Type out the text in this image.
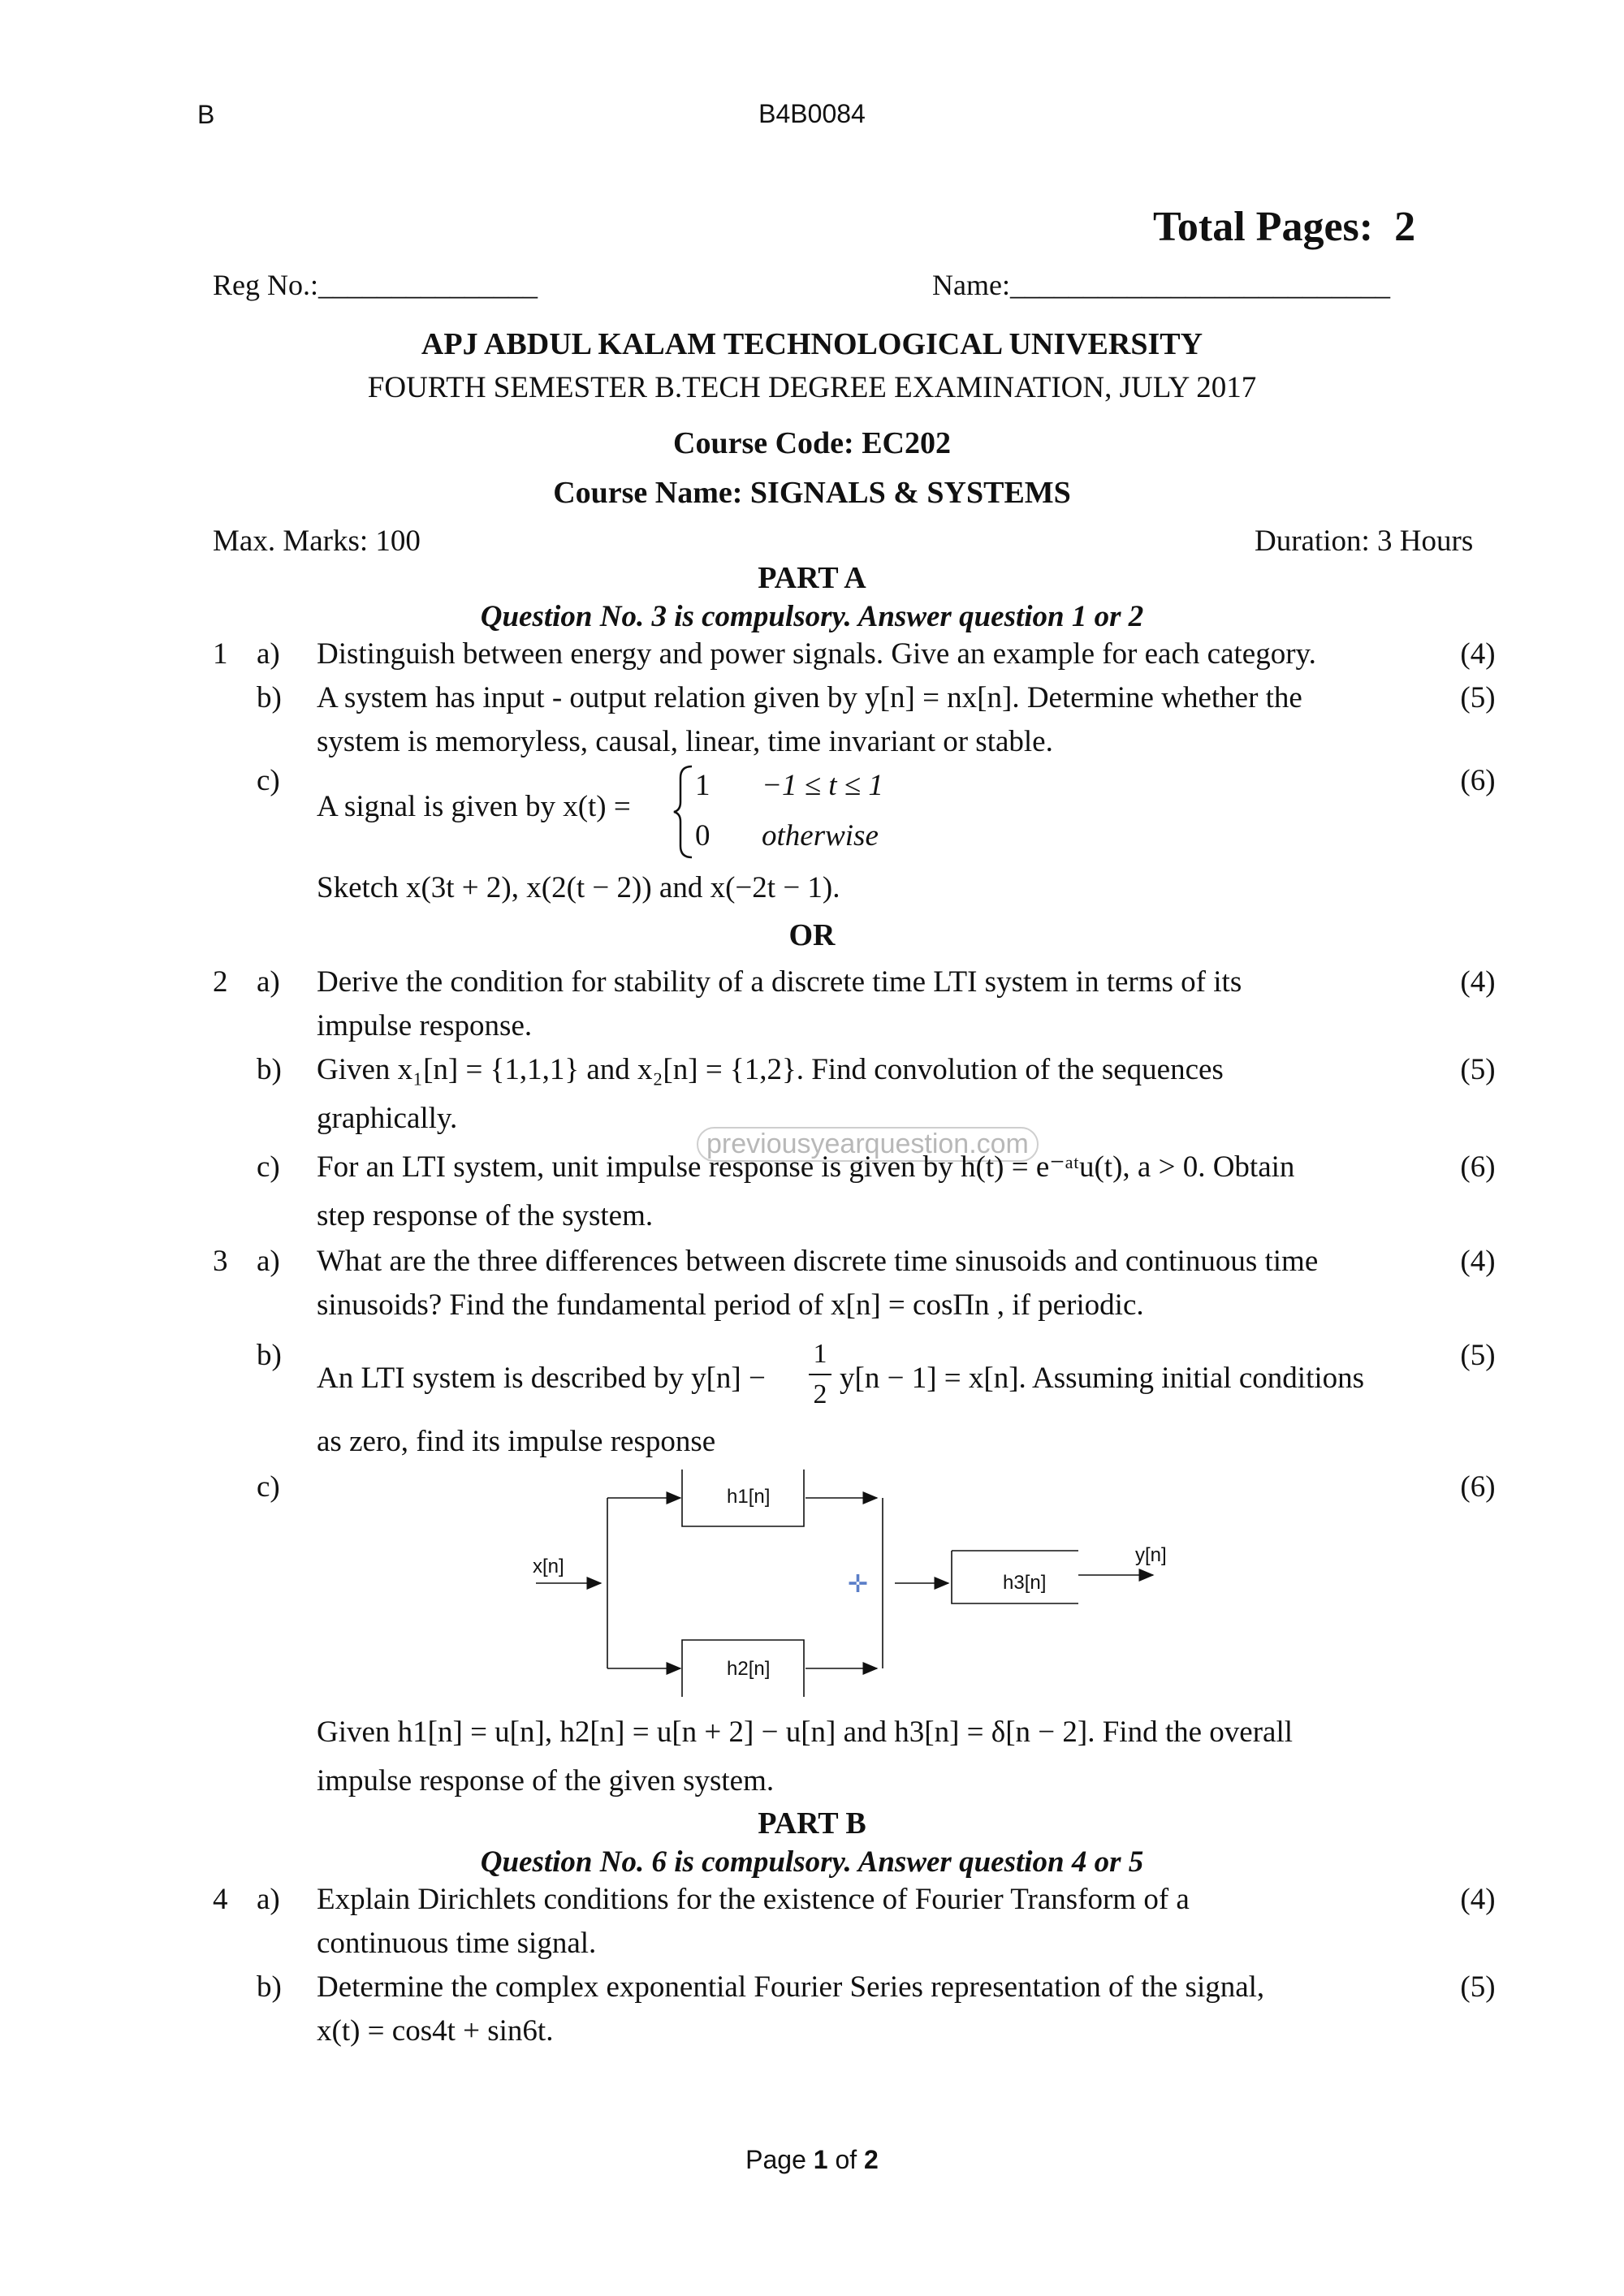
B	B4B0084
Total Pages:  2
Reg No.:_______________	Name:__________________________
APJ ABDUL KALAM TECHNOLOGICAL UNIVERSITY
FOURTH SEMESTER B.TECH DEGREE EXAMINATION, JULY 2017
Course Code: EC202
Course Name: SIGNALS & SYSTEMS
Max. Marks: 100	Duration: 3 Hours
PART A
Question No. 3 is compulsory. Answer question 1 or 2
1 a) Distinguish between energy and power signals. Give an example for each category.	(4)
b) A system has input - output relation given by y[n] = nx[n]. Determine whether the
system is memoryless, causal, linear, time invariant or stable.
(5)
c)
A signal is given by x(t) =
1 −1 ≤ t ≤ 1
0 otherwise
(6)
Sketch x(3t + 2), x(2(t − 2)) and x(−2t − 1).
OR
2 a) Derive the condition for stability of a discrete time LTI system in terms of its
impulse response.
(4)
b) Given x₁[n] = {1,1,1} and x₂[n] = {1,2}. Find convolution of the sequences
graphically.
(5)
previousyearquestion.com
c) For an LTI system, unit impulse response is given by h(t) = e⁻ᵃᵗu(t), a > 0. Obtain
step response of the system.
(6)
3 a) What are the three differences between discrete time sinusoids and continuous time
sinusoids? Find the fundamental period of x[n] = cosΠn , if periodic.
(4)
b)
An LTI system is described by y[n] −
1
2 y[n − 1] = x[n]. Assuming initial conditions
as zero, find its impulse response
(5)
c)	(6)
x[n]
h1[n]
h2[n]
h3[n]
y[n]
✛
Given h1[n] = u[n], h2[n] = u[n + 2] − u[n] and h3[n] = δ[n − 2]. Find the overall
impulse response of the given system.
PART B
Question No. 6 is compulsory. Answer question 4 or 5
4 a) Explain Dirichlets conditions for the existence of Fourier Transform of a
continuous time signal.
(4)
b) Determine the complex exponential Fourier Series representation of the signal,
x(t) = cos4t + sin6t.
(5)
Page 1 of 2
